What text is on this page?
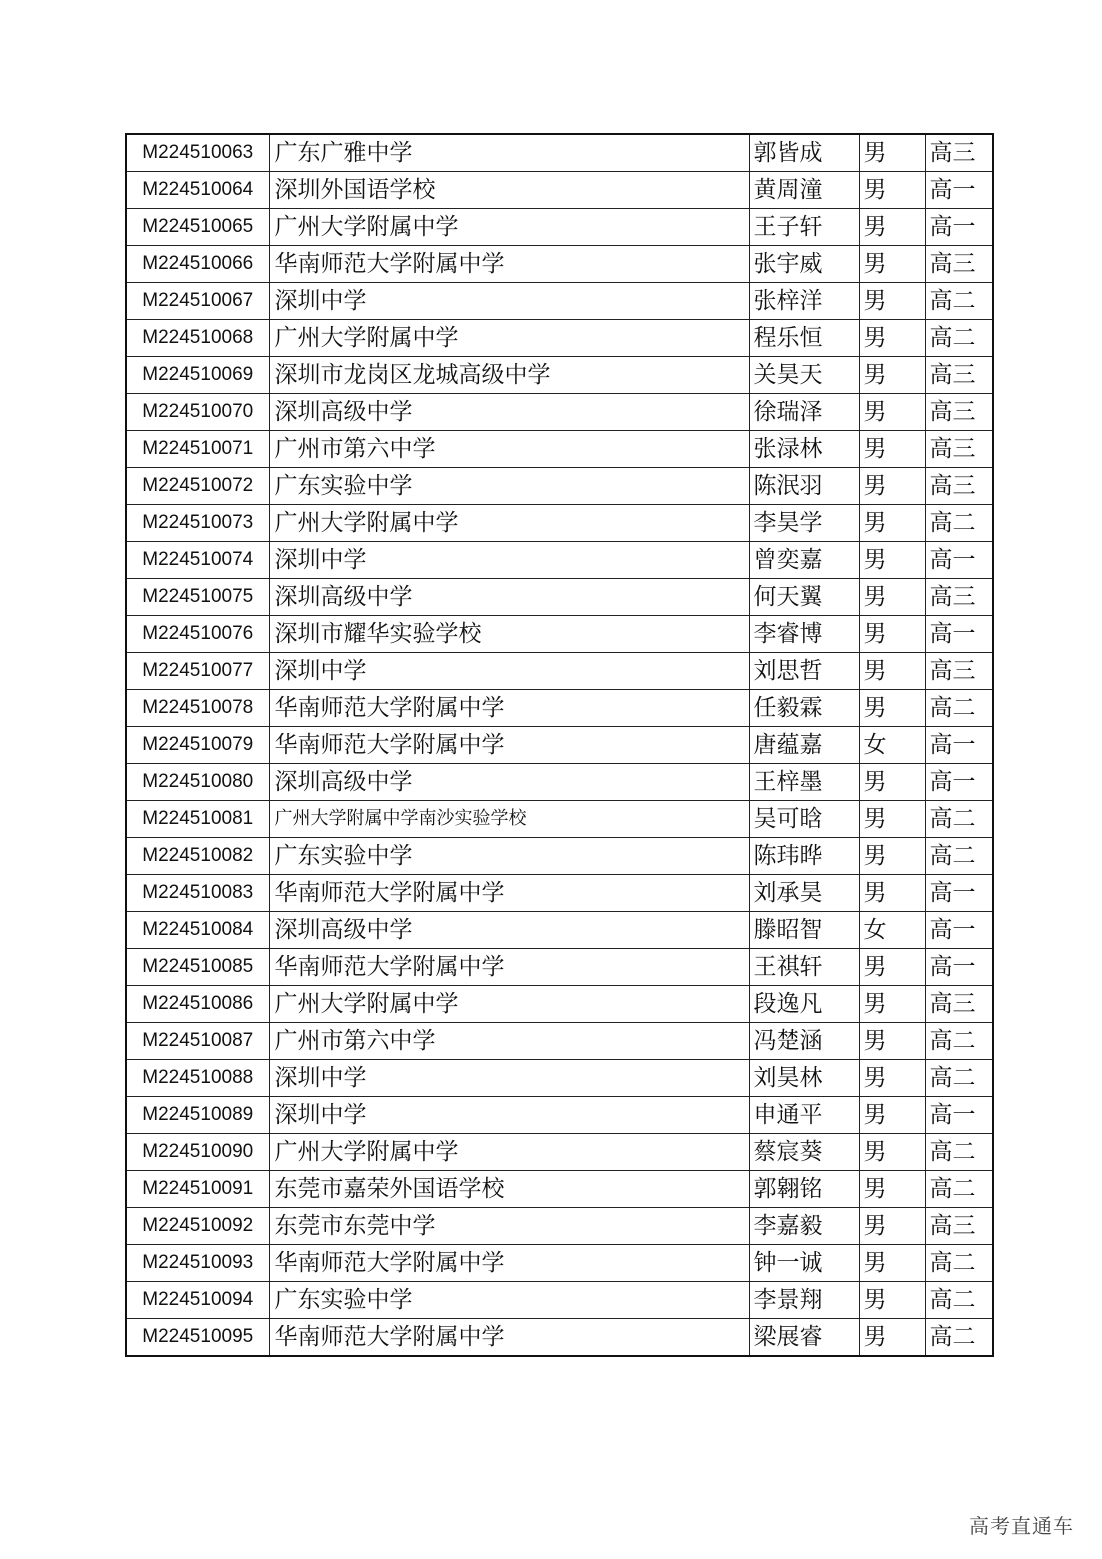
M224510063	广东广雅中学	郭皆成	男	高三
M224510064	深圳外国语学校	黄周潼	男	高一
M224510065	广州大学附属中学	王子轩	男	高一
M224510066	华南师范大学附属中学	张宇威	男	高三
M224510067	深圳中学	张梓洋	男	高二
M224510068	广州大学附属中学	程乐恒	男	高二
M224510069	深圳市龙岗区龙城高级中学	关昊天	男	高三
M224510070	深圳高级中学	徐瑞泽	男	高三
M224510071	广州市第六中学	张渌林	男	高三
M224510072	广东实验中学	陈泯羽	男	高三
M224510073	广州大学附属中学	李昊学	男	高二
M224510074	深圳中学	曾奕嘉	男	高一
M224510075	深圳高级中学	何天翼	男	高三
M224510076	深圳市耀华实验学校	李睿博	男	高一
M224510077	深圳中学	刘思哲	男	高三
M224510078	华南师范大学附属中学	任毅霖	男	高二
M224510079	华南师范大学附属中学	唐蕴嘉	女	高一
M224510080	深圳高级中学	王梓墨	男	高一
M224510081	广州大学附属中学南沙实验学校	吴可晗	男	高二
M224510082	广东实验中学	陈玮晔	男	高二
M224510083	华南师范大学附属中学	刘承昊	男	高一
M224510084	深圳高级中学	滕昭智	女	高一
M224510085	华南师范大学附属中学	王祺轩	男	高一
M224510086	广州大学附属中学	段逸凡	男	高三
M224510087	广州市第六中学	冯楚涵	男	高二
M224510088	深圳中学	刘昊林	男	高二
M224510089	深圳中学	申通平	男	高一
M224510090	广州大学附属中学	蔡宸葵	男	高二
M224510091	东莞市嘉荣外国语学校	郭翱铭	男	高二
M224510092	东莞市东莞中学	李嘉毅	男	高三
M224510093	华南师范大学附属中学	钟一诚	男	高二
M224510094	广东实验中学	李景翔	男	高二
M224510095	华南师范大学附属中学	梁展睿	男	高二
高考直通车
